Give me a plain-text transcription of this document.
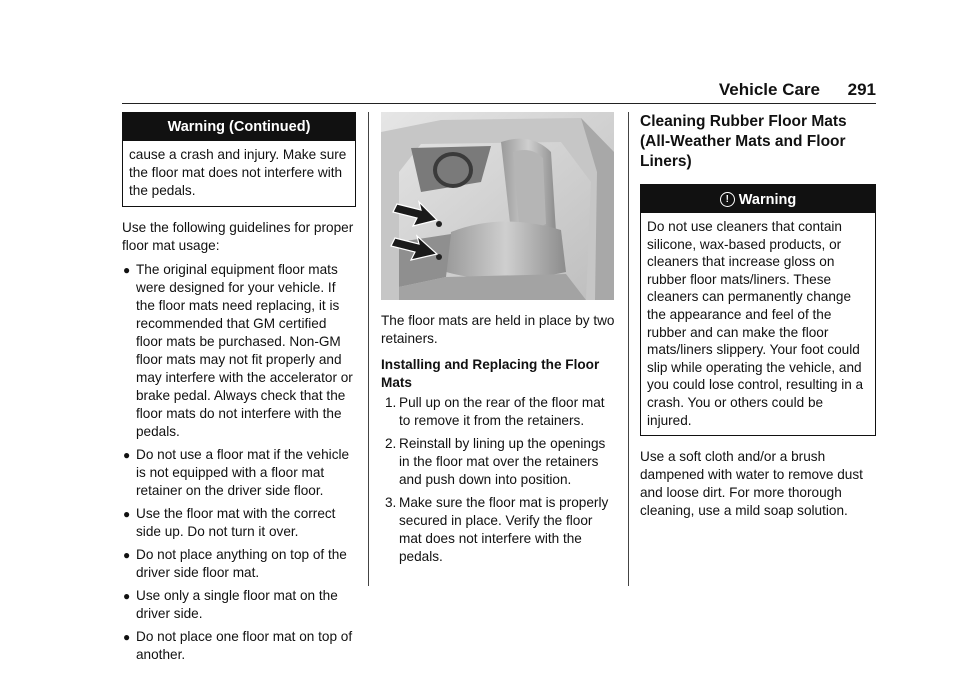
Vehicle Care 291
Warning (Continued)
cause a crash and injury. Make sure the floor mat does not interfere with the pedals.

Use the following guidelines for proper floor mat usage:

● The original equipment floor mats were designed for your vehicle. If the floor mats need replacing, it is recommended that GM certified floor mats be purchased. Non-GM floor mats may not fit properly and may interfere with the accelerator or brake pedal. Always check that the floor mats do not interfere with the pedals.
● Do not use a floor mat if the vehicle is not equipped with a floor mat retainer on the driver side floor.
● Use the floor mat with the correct side up. Do not turn it over.
● Do not place anything on top of the driver side floor mat.
● Use only a single floor mat on the driver side.
● Do not place one floor mat on top of another.

The floor mats are held in place by two retainers.

Installing and Replacing the Floor Mats

1. Pull up on the rear of the floor mat to remove it from the retainers.
2. Reinstall by lining up the openings in the floor mat over the retainers and push down into position.
3. Make sure the floor mat is properly secured in place. Verify the floor mat does not interfere with the pedals.

Cleaning Rubber Floor Mats (All-Weather Mats and Floor Liners)

! Warning
Do not use cleaners that contain silicone, wax-based products, or cleaners that increase gloss on rubber floor mats/liners. These cleaners can permanently change the appearance and feel of the rubber and can make the floor mats/liners slippery. Your foot could slip while operating the vehicle, and you could lose control, resulting in a crash. You or others could be injured.

Use a soft cloth and/or a brush dampened with water to remove dust and loose dirt. For more thorough cleaning, use a mild soap solution.
